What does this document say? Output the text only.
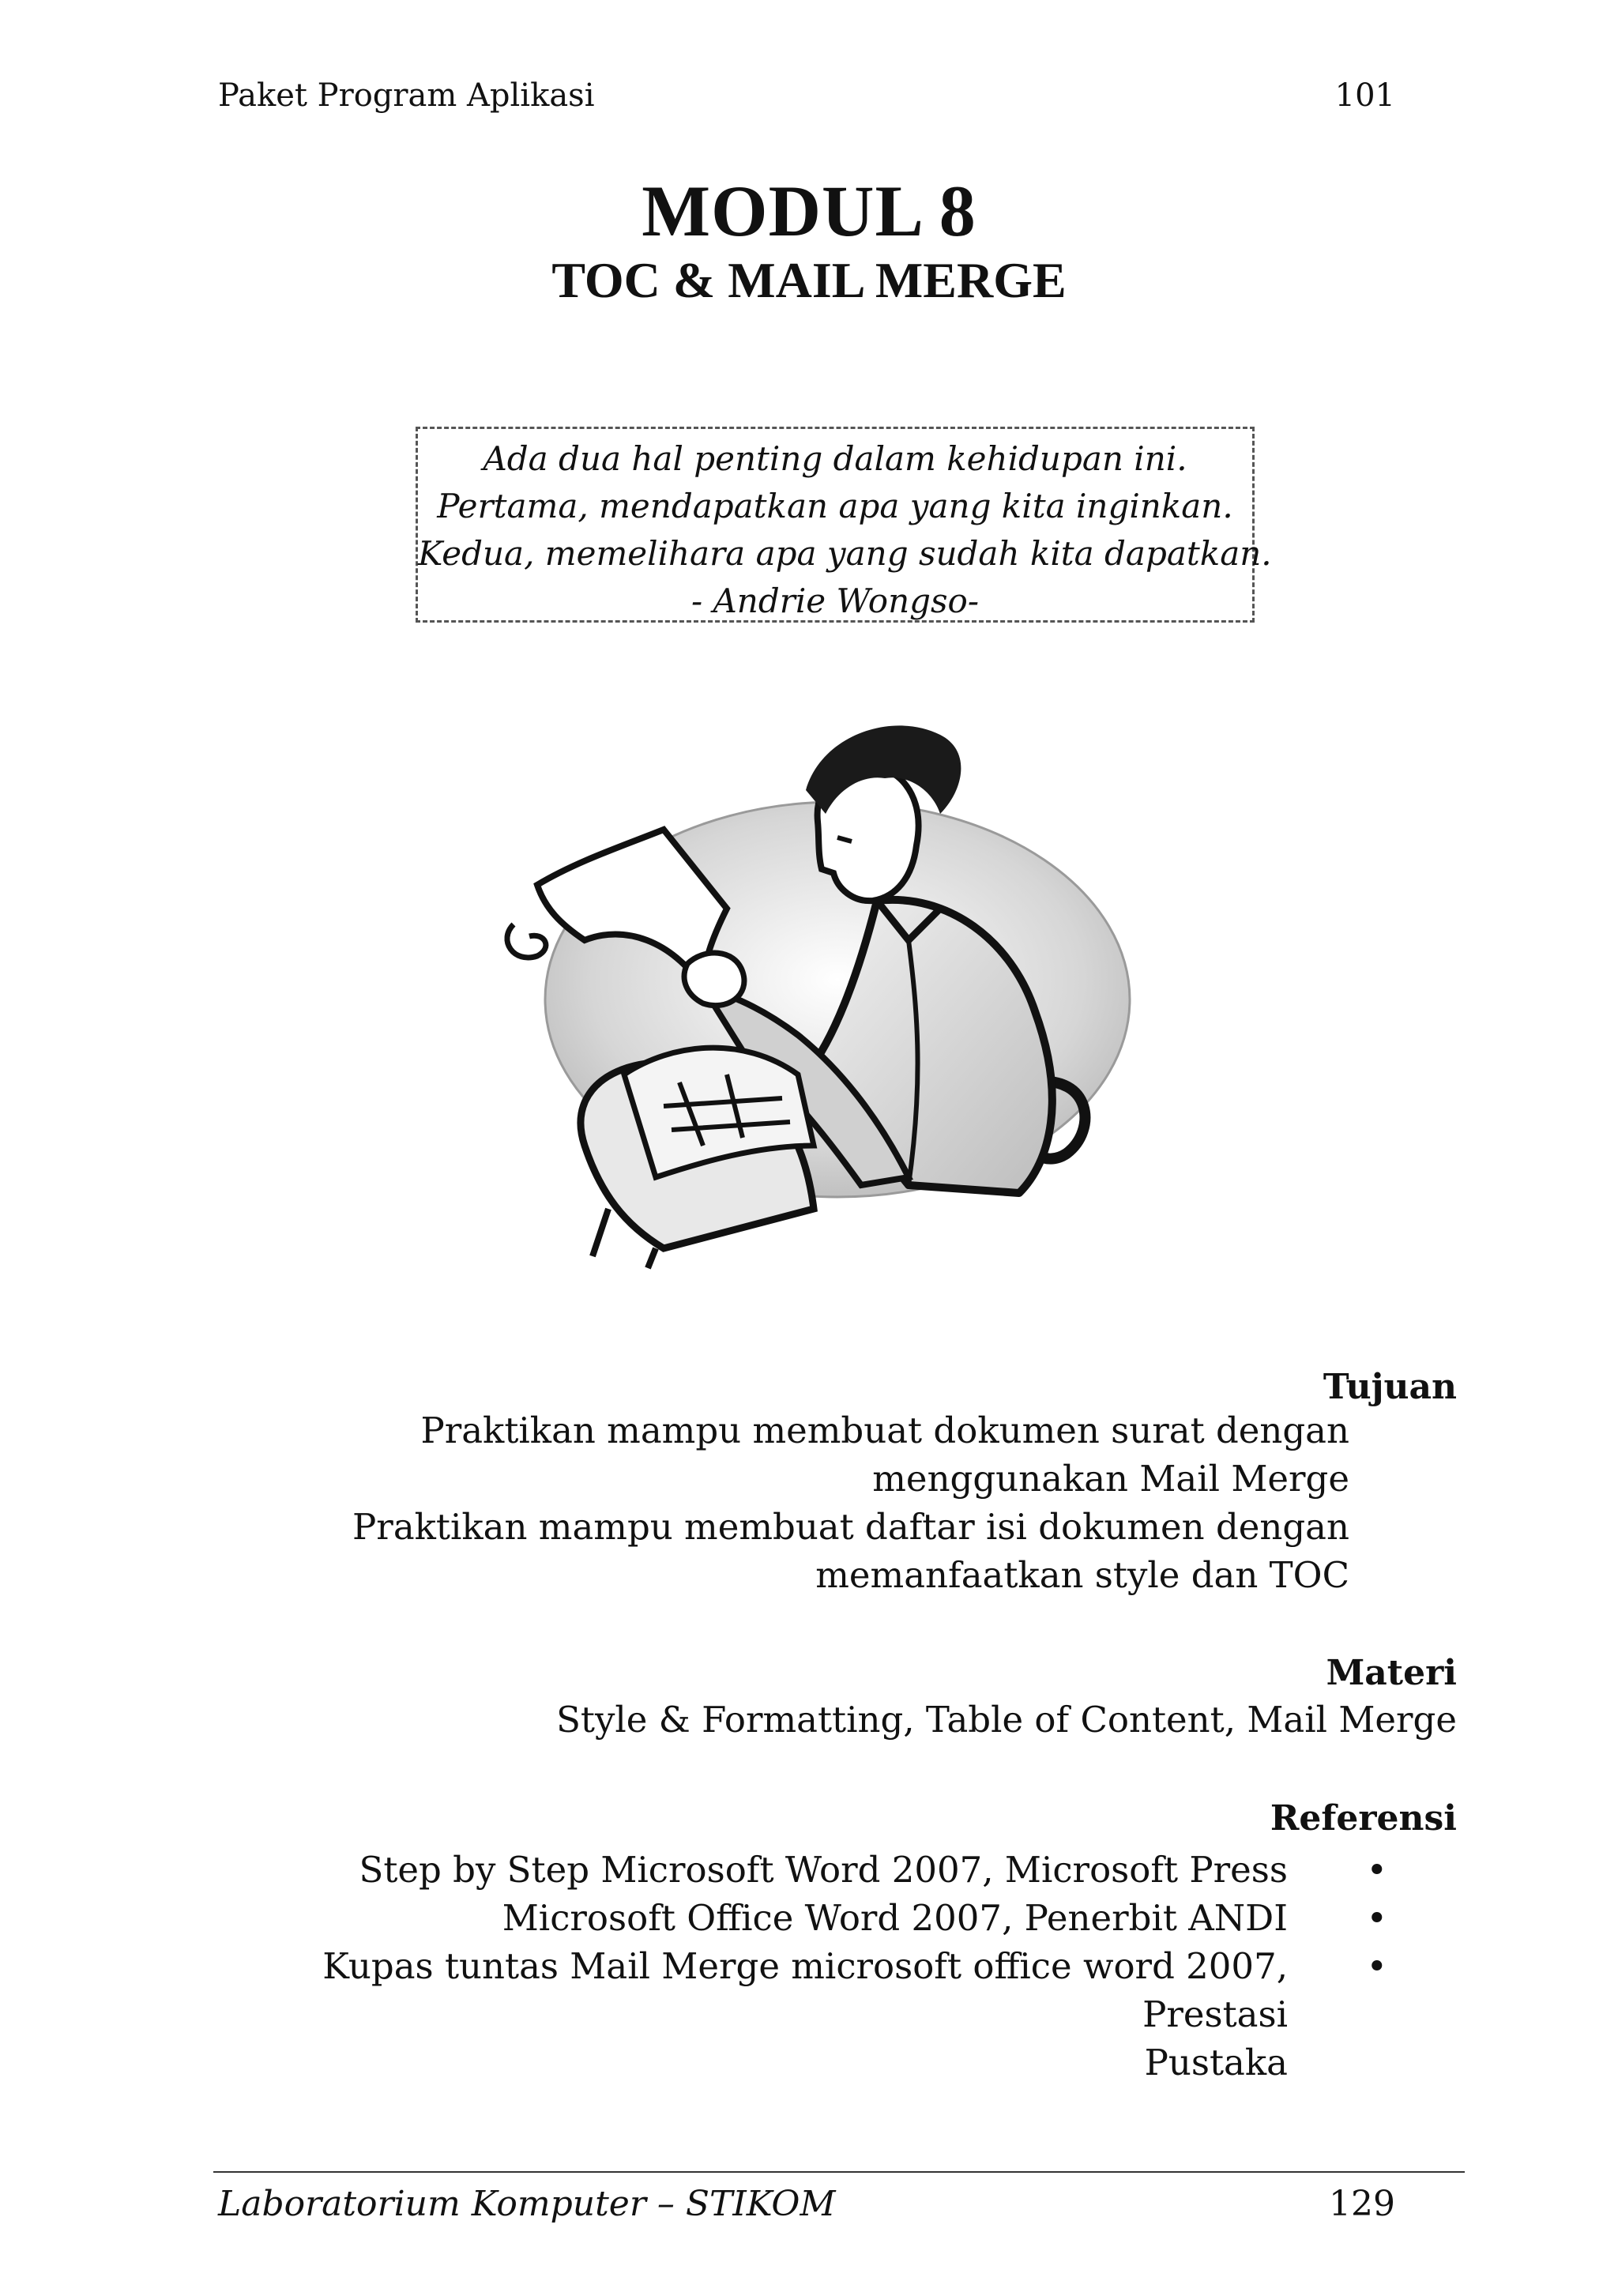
Paket Program Aplikasi	101
MODUL 8
TOC & MAIL MERGE
Ada dua hal penting dalam kehidupan ini.
Pertama, mendapatkan apa yang kita inginkan.
Kedua, memelihara apa yang sudah kita dapatkan.
- Andrie Wongso-
Tujuan
Praktikan mampu membuat dokumen surat dengan
menggunakan Mail Merge
Praktikan mampu membuat daftar isi dokumen dengan
memanfaatkan style dan TOC
Materi
Style & Formatting, Table of Content, Mail Merge
Referensi
Step by Step Microsoft Word 2007, Microsoft Press	•
Microsoft Office Word 2007, Penerbit ANDI	•
Kupas tuntas Mail Merge microsoft office word 2007, Prestasi
•
Pustaka
Laboratorium Komputer – STIKOM	129
